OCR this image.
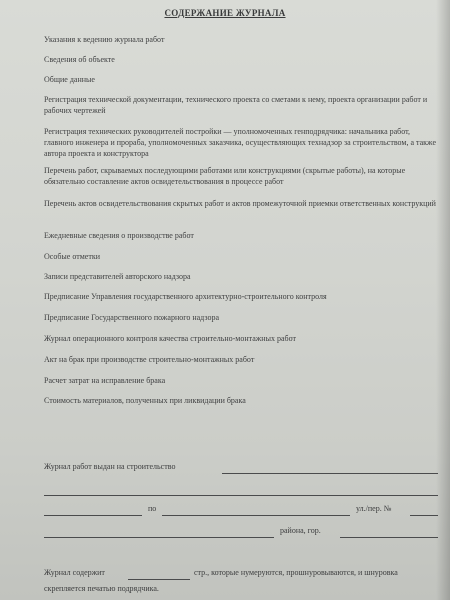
СОДЕРЖАНИЕ ЖУРНАЛА
Указания к ведению журнала работ
Сведения об объекте
Общие данные
Регистрация технической документации, технического проекта со сметами к нему, проекта организации работ и рабочих чертежей
Регистрация технических руководителей постройки — уполномоченных генподрядчика: начальника работ, главного инженера и прораба, уполномоченных заказчика, осуществляющих технадзор за строительством, а также автора проекта и конструктора
Перечень работ, скрываемых последующими работами или конструкциями (скрытые работы), на которые обязательно составление актов освидетельствования в процессе работ
Перечень актов освидетельствования скрытых работ и актов промежуточной приемки ответственных конструкций
Ежедневные сведения о производстве работ
Особые отметки
Записи представителей авторского надзора
Предписание Управления государственного архитектурно-строительного контроля
Предписание Государственного пожарного надзора
Журнал операционного контроля качества строительно-монтажных работ
Акт на брак при производстве строительно-монтажных работ
Расчет затрат на исправление брака
Стоимость материалов, полученных при ликвидации брака
Журнал работ выдан на строительство
по	ул./пер. №
района, гор.
Журнал содержит	стр., которые нумеруются, прошнуровываются, и шнуровка
скрепляется печатью подрядчика.
